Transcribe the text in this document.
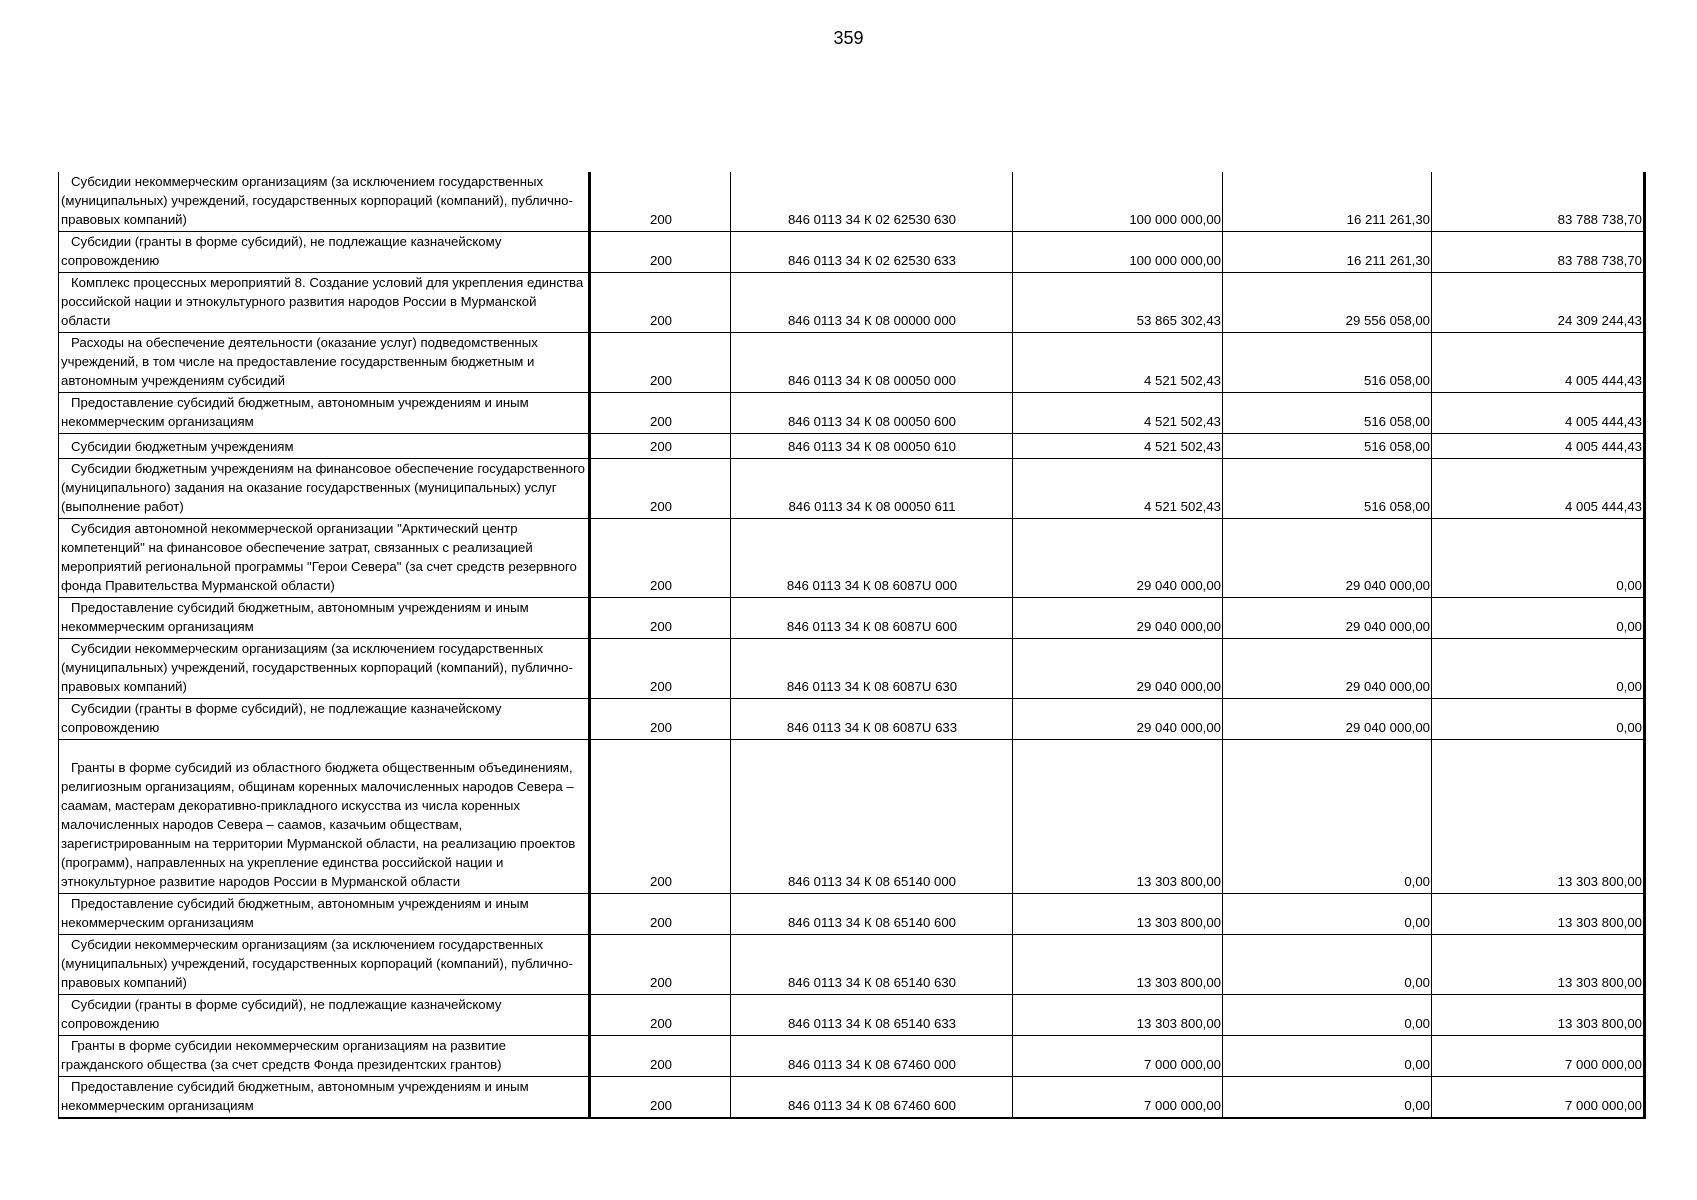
359
Субсидии некоммерческим организациям (за исключением государственных (муниципальных) учреждений, государственных корпораций (компаний), публично-правовых компаний)	200	846 0113 34 К 02 62530 630	100 000 000,00	16 211 261,30	83 788 738,70
Субсидии (гранты в форме субсидий), не подлежащие казначейскому сопровождению	200	846 0113 34 К 02 62530 633	100 000 000,00	16 211 261,30	83 788 738,70
Комплекс процессных мероприятий 8. Создание условий для укрепления единства российской нации и этнокультурного развития народов России в Мурманской области	200	846 0113 34 К 08 00000 000	53 865 302,43	29 556 058,00	24 309 244,43
Расходы на обеспечение деятельности (оказание услуг) подведомственных учреждений, в том числе на предоставление государственным бюджетным и автономным учреждениям субсидий	200	846 0113 34 К 08 00050 000	4 521 502,43	516 058,00	4 005 444,43
Предоставление субсидий бюджетным, автономным учреждениям и иным некоммерческим организациям	200	846 0113 34 К 08 00050 600	4 521 502,43	516 058,00	4 005 444,43
Субсидии бюджетным учреждениям	200	846 0113 34 К 08 00050 610	4 521 502,43	516 058,00	4 005 444,43
Субсидии бюджетным учреждениям на финансовое обеспечение государственного (муниципального) задания на оказание государственных (муниципальных) услуг (выполнение работ)	200	846 0113 34 К 08 00050 611	4 521 502,43	516 058,00	4 005 444,43
Субсидия автономной некоммерческой организации "Арктический центр компетенций" на финансовое обеспечение затрат, связанных с реализацией мероприятий региональной программы "Герои Севера" (за счет средств резервного фонда Правительства Мурманской области)	200	846 0113 34 К 08 6087U 000	29 040 000,00	29 040 000,00	0,00
Предоставление субсидий бюджетным, автономным учреждениям и иным некоммерческим организациям	200	846 0113 34 К 08 6087U 600	29 040 000,00	29 040 000,00	0,00
Субсидии некоммерческим организациям (за исключением государственных (муниципальных) учреждений, государственных корпораций (компаний), публично-правовых компаний)	200	846 0113 34 К 08 6087U 630	29 040 000,00	29 040 000,00	0,00
Субсидии (гранты в форме субсидий), не подлежащие казначейскому сопровождению	200	846 0113 34 К 08 6087U 633	29 040 000,00	29 040 000,00	0,00
Гранты в форме субсидий из областного бюджета общественным объединениям, религиозным организациям, общинам коренных малочисленных народов Севера – саамам, мастерам декоративно-прикладного искусства из числа коренных малочисленных народов Севера – саамов, казачьим обществам, зарегистрированным на территории Мурманской области, на реализацию проектов (программ), направленных на укрепление единства российской нации и этнокультурное развитие народов России в Мурманской области	200	846 0113 34 К 08 65140 000	13 303 800,00	0,00	13 303 800,00
Предоставление субсидий бюджетным, автономным учреждениям и иным некоммерческим организациям	200	846 0113 34 К 08 65140 600	13 303 800,00	0,00	13 303 800,00
Субсидии некоммерческим организациям (за исключением государственных (муниципальных) учреждений, государственных корпораций (компаний), публично-правовых компаний)	200	846 0113 34 К 08 65140 630	13 303 800,00	0,00	13 303 800,00
Субсидии (гранты в форме субсидий), не подлежащие казначейскому сопровождению	200	846 0113 34 К 08 65140 633	13 303 800,00	0,00	13 303 800,00
Гранты в форме субсидии некоммерческим организациям на развитие гражданского общества (за счет средств Фонда президентских грантов)	200	846 0113 34 К 08 67460 000	7 000 000,00	0,00	7 000 000,00
Предоставление субсидий бюджетным, автономным учреждениям и иным некоммерческим организациям	200	846 0113 34 К 08 67460 600	7 000 000,00	0,00	7 000 000,00
